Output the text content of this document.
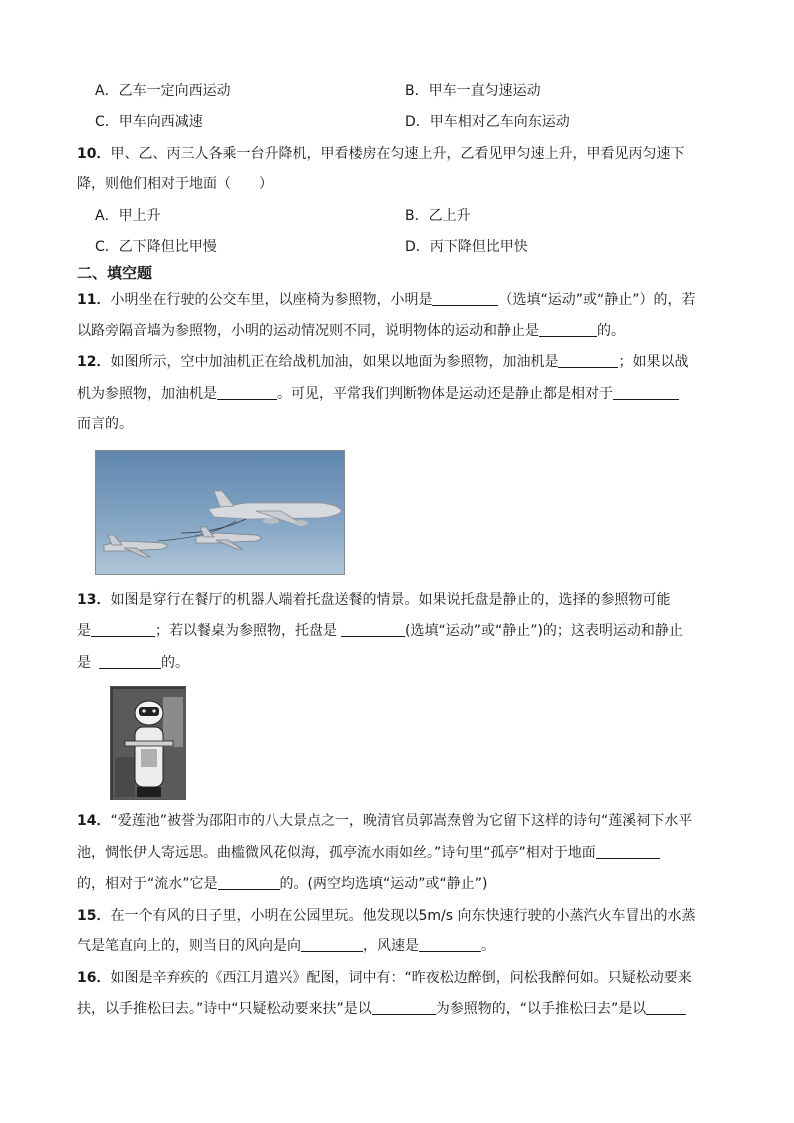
A．乙车一定向西运动	B．甲车一直匀速运动
C．甲车向西减速	D．甲车相对乙车向东运动
10．甲、乙、丙三人各乘一台升降机，甲看楼房在匀速上升，乙看见甲匀速上升，甲看见丙匀速下
降，则他们相对于地面（　　）
A．甲上升	B．乙上升
C．乙下降但比甲慢	D．丙下降但比甲快
二、填空题
11．小明坐在行驶的公交车里，以座椅为参照物，小明是	（选填“运动”或“静止”）的，若
以路旁隔音墙为参照物，小明的运动情况则不同，说明物体的运动和静止是	的。
12．如图所示，空中加油机正在给战机加油，如果以地面为参照物，加油机是	；如果以战
机为参照物，加油机是	。可见，平常我们判断物体是运动还是静止都是相对于
而言的。
13．如图是穿行在餐厅的机器人端着托盘送餐的情景。如果说托盘是静止的，选择的参照物可能
是	；若以餐桌为参照物，托盘是	(选填“运动”或“静止”)的；这表明运动和静止
是	的。
14．“爱莲池”被誉为邵阳市的八大景点之一，晚清官员郭嵩焘曾为它留下这样的诗句“莲溪祠下水平
池，惆怅伊人寄远思。曲槛微风花似海，孤亭流水雨如丝。”诗句里“孤亭”相对于地面
的，相对于“流水”它是	的。(两空均选填“运动”或“静止”)
15．在一个有风的日子里，小明在公园里玩。他发现以5m/s 向东快速行驶的小蒸汽火车冒出的水蒸
气是笔直向上的，则当日的风向是向	，风速是	。
16．如图是辛弃疾的《西江月遣兴》配图，词中有：“昨夜松边醉倒，问松我醉何如。只疑松动要来
扶，以手推松曰去。”诗中“只疑松动要来扶”是以	为参照物的，“以手推松曰去”是以
